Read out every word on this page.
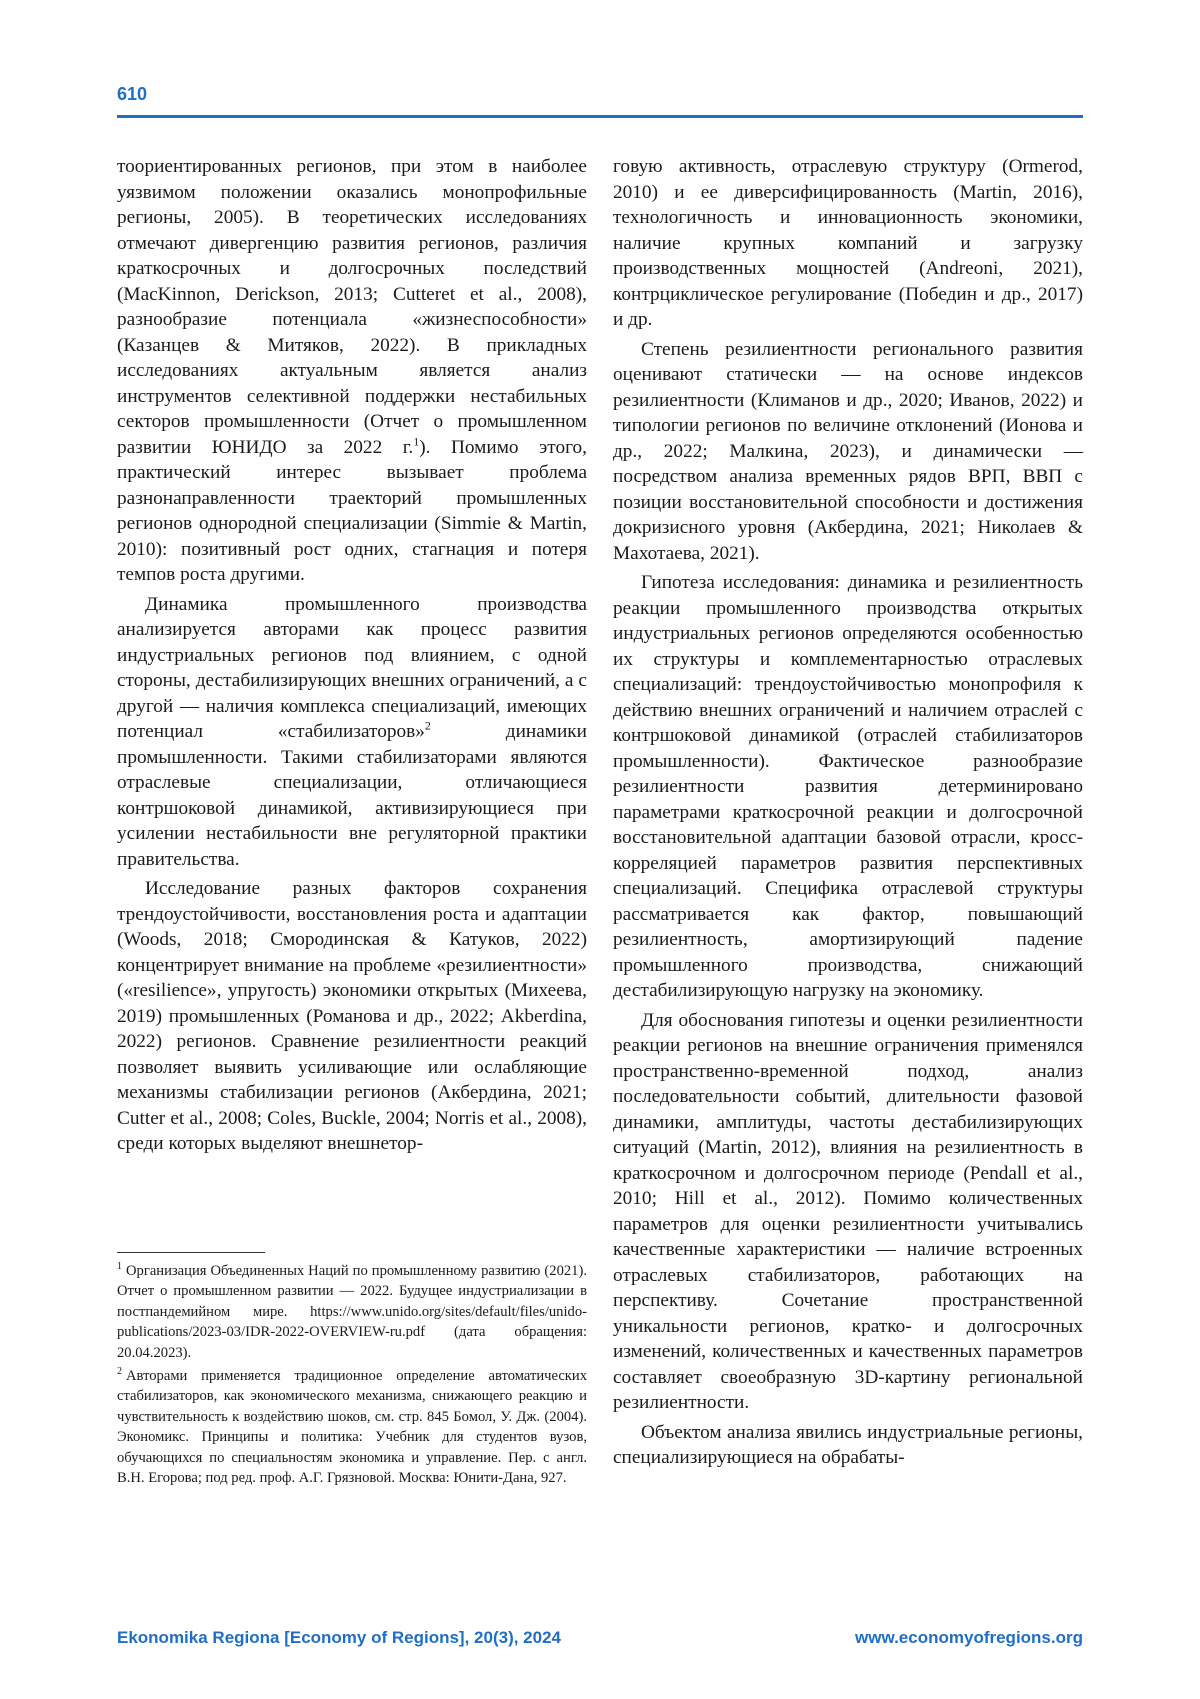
610

тоориентированных регионов, при этом в наиболее уязвимом положении оказались монопрофильные регионы, 2005). В теоретических исследованиях отмечают дивергенцию развития регионов, различия краткосрочных и долгосрочных последствий (MacKinnon, Derickson, 2013; Cutteret et al., 2008), разнообразие потенциала «жизнеспособности» (Казанцев & Митяков, 2022). В прикладных исследованиях актуальным является анализ инструментов селективной поддержки нестабильных секторов промышленности (Отчет о промышленном развитии ЮНИДО за 2022 г.$^1$). Помимо этого, практический интерес вызывает проблема разнонаправленности траекторий промышленных регионов однородной специализации (Simmie & Martin, 2010): позитивный рост одних, стагнация и потеря темпов роста другими.

Динамика промышленного производства анализируется авторами как процесс развития индустриальных регионов под влиянием, с одной стороны, дестабилизирующих внешних ограничений, а с другой — наличия комплекса специализаций, имеющих потенциал «стабилизаторов»$^2$ динамики промышленности. Такими стабилизаторами являются отраслевые специализации, отличающиеся контршоковой динамикой, активизирующиеся при усилении нестабильности вне регуляторной практики правительства.

Исследование разных факторов сохранения трендоустойчивости, восстановления роста и адаптации (Woods, 2018; Смородинская & Катуков, 2022) концентрирует внимание на проблеме «резилиентности» («resilience», упругость) экономики открытых (Михеева, 2019) промышленных (Романова и др., 2022; Akberdina, 2022) регионов. Сравнение резилиентности реакций позволяет выявить усиливающие или ослабляющие механизмы стабилизации регионов (Акбердина, 2021; Cutter et al., 2008; Coles, Buckle, 2004; Norris et al., 2008), среди которых выделяют внешнетор-

$^1$ Организация Объединенных Наций по промышленному развитию (2021). Отчет о промышленном развитии — 2022. Будущее индустриализации в постпандемийном мире. https://www.unido.org/sites/default/files/unido-publications/2023-03/IDR-2022-OVERVIEW-ru.pdf (дата обращения: 20.04.2023).

$^2$ Авторами применяется традиционное определение автоматических стабилизаторов, как экономического механизма, снижающего реакцию и чувствительность к воздействию шоков, см. стр. 845 Бомол, У. Дж. (2004). Экономикс. Принципы и политика: Учебник для студентов вузов, обучающихся по специальностям экономика и управление. Пер. с англ. В.Н. Егорова; под ред. проф. А.Г. Грязновой. Москва: Юнити-Дана, 927.

говую активность, отраслевую структуру (Ormerod, 2010) и ее диверсифицированность (Martin, 2016), технологичность и инновационность экономики, наличие крупных компаний и загрузку производственных мощностей (Andreoni, 2021), контрциклическое регулирование (Победин и др., 2017) и др.

Степень резилиентности регионального развития оценивают статически — на основе индексов резилиентности (Климанов и др., 2020; Иванов, 2022) и типологии регионов по величине отклонений (Ионова и др., 2022; Малкина, 2023), и динамически — посредством анализа временных рядов ВРП, ВВП с позиции восстановительной способности и достижения докризисного уровня (Акбердина, 2021; Николаев & Махотаева, 2021).

Гипотеза исследования: динамика и резилиентность реакции промышленного производства открытых индустриальных регионов определяются особенностью их структуры и комплементарностью отраслевых специализаций: трендоустойчивостью монопрофиля к действию внешних ограничений и наличием отраслей с контршоковой динамикой (отраслей стабилизаторов промышленности). Фактическое разнообразие резилиентности развития детерминировано параметрами краткосрочной реакции и долгосрочной восстановительной адаптации базовой отрасли, кросс-корреляцией параметров развития перспективных специализаций. Специфика отраслевой структуры рассматривается как фактор, повышающий резилиентность, амортизирующий падение промышленного производства, снижающий дестабилизирующую нагрузку на экономику.

Для обоснования гипотезы и оценки резилиентности реакции регионов на внешние ограничения применялся пространственно-временной подход, анализ последовательности событий, длительности фазовой динамики, амплитуды, частоты дестабилизирующих ситуаций (Martin, 2012), влияния на резилиентность в краткосрочном и долгосрочном периоде (Pendall et al., 2010; Hill et al., 2012). Помимо количественных параметров для оценки резилиентности учитывались качественные характеристики — наличие встроенных отраслевых стабилизаторов, работающих на перспективу. Сочетание пространственной уникальности регионов, кратко- и долгосрочных изменений, количественных и качественных параметров составляет своеобразную 3D-картину региональной резилиентности.

Объектом анализа явились индустриальные регионы, специализирующиеся на обрабаты-

Ekonomika Regiona [Economy of Regions], 20(3), 2024	www.economyofregions.org
